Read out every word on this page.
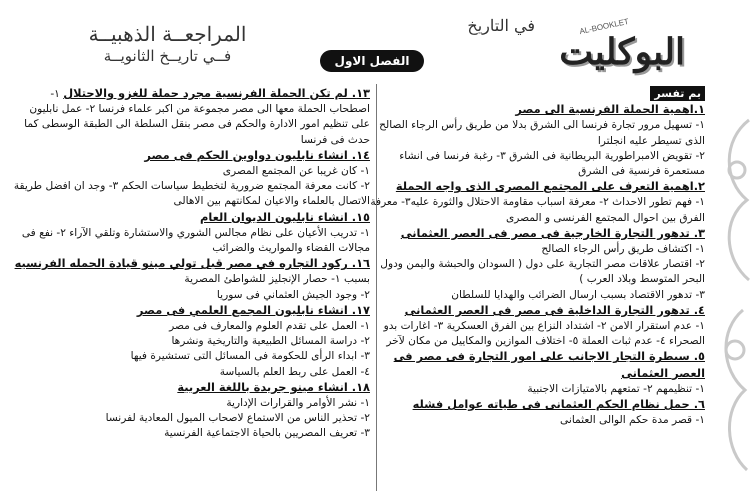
في التاريخ	AL-BOOKLET
البوكليت
الفصل الاول
المراجعــة الذهبيــة
فــي تاريــخ الثانويــة

بم تفسر

١.اهمية الحملة الفرنسية الى مصر

١- تسهيل مرور تجارة فرنسا الى الشرق بدلا من طريق رأس الرجاء الصالح الذى تسيطر عليه انجلترا

٢- تقويض الامبراطورية البريطانية فى الشرق ٣- رغبة فرنسا فى انشاء مستعمرة فرنسية فى الشرق

٢.اهمية التعرف على المجتمع المصرى الذى واجه الحملة

١- فهم تطور الاحداث ٢- معرفة اسباب مقاومة الاحتلال والثورة عليه٣- معرفة الفرق بين احوال المجتمع الفرنسى و المصرى

٣. تدهور التجارة الخارجية فى مصر فى العصر العثمانى

١- اكتشاف طريق رأس الرجاء الصالح

٢- اقتصار علاقات مصر التجارية على دول ( السودان والحبشة واليمن ودول البحر المتوسط وبلاد العرب )

٣- تدهور الاقتصاد بسبب ارسال الضرائب والهدايا للسلطان

٤. تدهور التجارة الداخلية فى مصر فى العصر العثمانى

١- عدم استقرار الامن ٢- اشتداد النزاع بين الفرق العسكرية ٣- اغارات بدو الصحراء ٤- عدم ثبات العملة ٥- اختلاف الموازين والمكاييل من مكان لآخر

٥. سيطرة التجار الاجانب على امور التجارة فى مصر فى العصر العثمانى

١- تنظيمهم ٢- تمتعهم بالامتيازات الاجنبية

٦. حمل نظام الحكم العثمانى فى طياته عوامل فشله

١- قصر مدة حكم الوالى العثمانى

١٣. لم تكن الحملة الفرنسية مجرد حملة للغزو والاحتلال ١- اصطحاب الحملة معها الى مصر مجموعة من اكبر علماء فرنسا ٢- عمل نابليون على تنظيم امور الادارة والحكم فى مصر بنقل السلطة الى الطبقة الوسطى كما حدث فى فرنسا

١٤. انشاء نابليون دواوين الحكم فى مصر

١- كان غريبا عن المجتمع المصرى

٢- كانت معرفة المجتمع ضرورية لتخطيط سياسات الحكم ٣- وجد ان افضل طريقة الاتصال بالعلماء والاعيان لمكانتهم بين الاهالى

١٥. انشاء نابليون الديوان العام

١- تدريب الأعيان على نظام مجالس الشوري والاستشارة وتلقي الآراء ٢- نفع فى مجالات القضاء والمواريث والضرائب

١٦. ركود التجاره في مصر قبل تولي مينو قيادة الحمله الفرنسيه بسبب ١- حصار الإنجليز للشواطئ المصرية

٢- وجود الجيش العثماني فى سوريا

١٧. انشاء نابليون المجمع العلمي فى مصر

١- العمل على تقدم العلوم والمعارف فى مصر

٢- دراسة المسائل الطبيعية والتاريخية ونشرها

٣- ابداء الرأى للحكومة فى المسائل التى تستشيرة فيها

٤- العمل على ربط العلم بالسياسة

١٨. انشاء مينو جريدة باللغة العربية

١- نشر الأوامر والقرارات الإدارية

٢- تحذير الناس من الاستماع لاصحاب الميول المعادية لفرنسا

٣- تعريف المصريين بالحياة الاجتماعية الفرنسية
